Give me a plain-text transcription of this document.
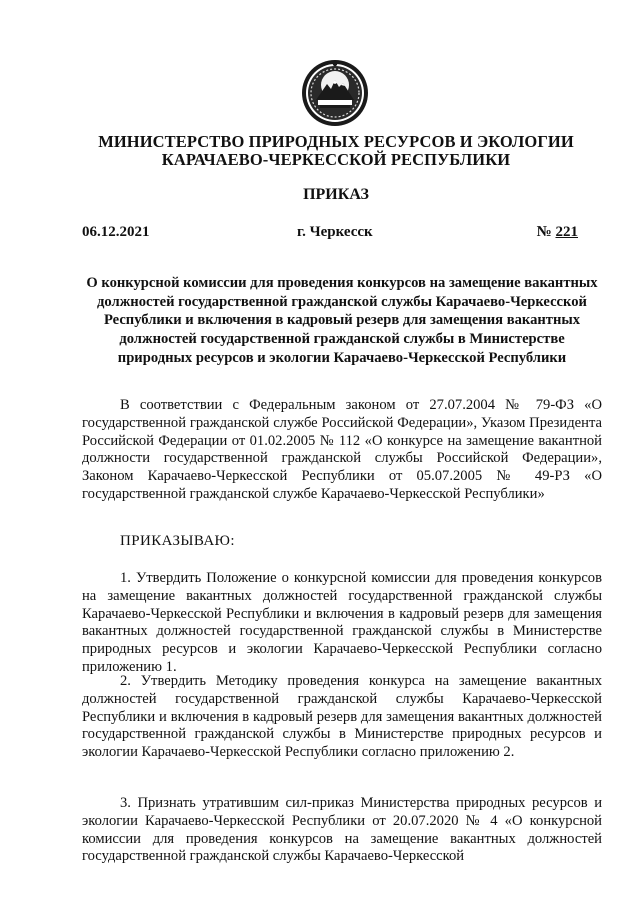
МИНИСТЕРСТВО ПРИРОДНЫХ РЕСУРСОВ И ЭКОЛОГИИ
КАРАЧАЕВО-ЧЕРКЕССКОЙ РЕСПУБЛИКИ
ПРИКАЗ
06.12.2021	г. Черкесск	№ 221
О конкурсной комиссии для проведения конкурсов на замещение вакантных должностей государственной гражданской службы Карачаево-Черкесской Республики и включения в кадровый резерв для замещения вакантных должностей государственной гражданской службы в Министерстве природных ресурсов и экологии Карачаево-Черкесской Республики

В соответствии с Федеральным законом от 27.07.2004 № 79-ФЗ «О государственной гражданской службе Российской Федерации», Указом Президента Российской Федерации от 01.02.2005 № 112 «О конкурсе на замещение вакантной должности государственной гражданской службы Российской Федерации», Законом Карачаево-Черкесской Республики от 05.07.2005 № 49-РЗ «О государственной гражданской службе Карачаево-Черкесской Республики»

ПРИКАЗЫВАЮ:

1. Утвердить Положение о конкурсной комиссии для проведения конкурсов на замещение вакантных должностей государственной гражданской службы Карачаево-Черкесской Республики и включения в кадровый резерв для замещения вакантных должностей государственной гражданской службы в Министерстве природных ресурсов и экологии Карачаево-Черкесской Республики согласно приложению 1.

2. Утвердить Методику проведения конкурса на замещение вакантных должностей государственной гражданской службы Карачаево-Черкесской Республики и включения в кадровый резерв для замещения вакантных должностей государственной гражданской службы в Министерстве природных ресурсов и экологии Карачаево-Черкесской Республики согласно приложению 2.

3. Признать утратившим сил-приказ Министерства природных ресурсов и экологии Карачаево-Черкесской Республики от 20.07.2020 № 4 «О конкурсной комиссии для проведения конкурсов на замещение вакантных должностей государственной гражданской службы Карачаево-Черкесской
